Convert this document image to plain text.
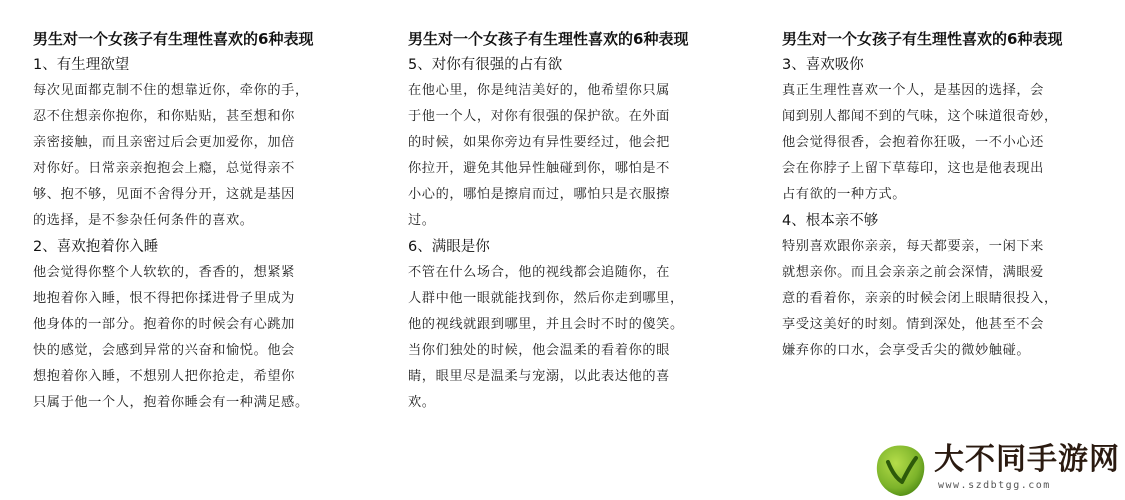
男生对一个女孩子有生理性喜欢的6种表现

1、有生理欲望

每次见面都克制不住的想靠近你，牵你的手，

忍不住想亲你抱你，和你贴贴，甚至想和你

亲密接触，而且亲密过后会更加爱你，加倍

对你好。日常亲亲抱抱会上瘾，总觉得亲不

够、抱不够，见面不舍得分开，这就是基因

的选择，是不参杂任何条件的喜欢。

2、喜欢抱着你入睡

他会觉得你整个人软软的，香香的，想紧紧

地抱着你入睡，恨不得把你揉进骨子里成为

他身体的一部分。抱着你的时候会有心跳加

快的感觉，会感到异常的兴奋和愉悦。他会

想抱着你入睡，不想别人把你抢走，希望你

只属于他一个人，抱着你睡会有一种满足感。

男生对一个女孩子有生理性喜欢的6种表现

5、对你有很强的占有欲

在他心里，你是纯洁美好的，他希望你只属

于他一个人，对你有很强的保护欲。在外面

的时候，如果你旁边有异性要经过，他会把

你拉开，避免其他异性触碰到你，哪怕是不

小心的，哪怕是擦肩而过，哪怕只是衣服擦

过。

6、满眼是你

不管在什么场合，他的视线都会追随你，在

人群中他一眼就能找到你，然后你走到哪里，

他的视线就跟到哪里，并且会时不时的傻笑。

当你们独处的时候，他会温柔的看着你的眼

睛，眼里尽是温柔与宠溺，以此表达他的喜

欢。

男生对一个女孩子有生理性喜欢的6种表现

3、喜欢吸你

真正生理性喜欢一个人，是基因的选择，会

闻到别人都闻不到的气味，这个味道很奇妙，

他会觉得很香，会抱着你狂吸，一不小心还

会在你脖子上留下草莓印，这也是他表现出

占有欲的一种方式。

4、根本亲不够

特别喜欢跟你亲亲，每天都要亲，一闲下来

就想亲你。而且会亲亲之前会深情，满眼爱

意的看着你，亲亲的时候会闭上眼睛很投入，

享受这美好的时刻。情到深处，他甚至不会

嫌弃你的口水，会享受舌尖的微妙触碰。

大不同手游网
www.szdbtgg.com
